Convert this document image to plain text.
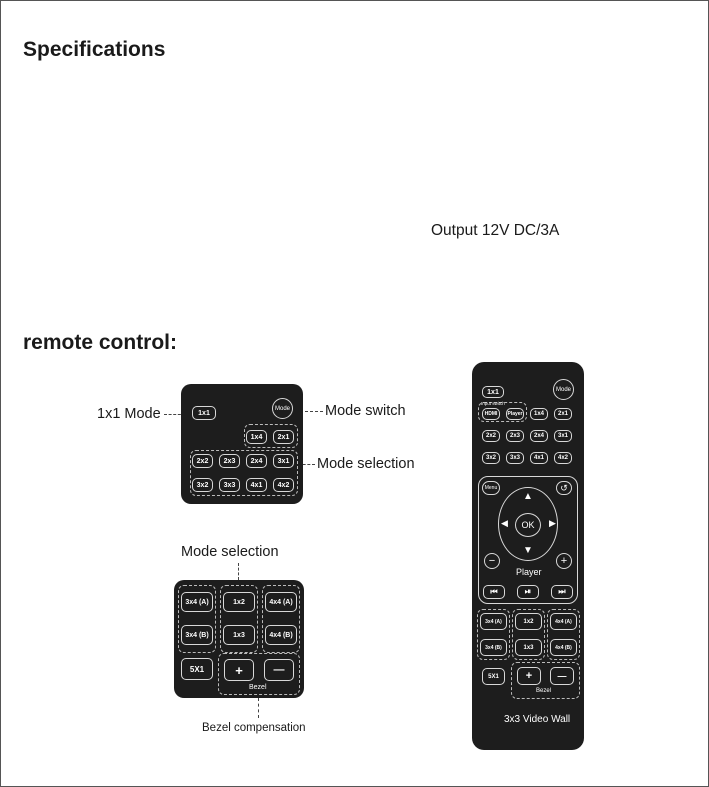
Specifications
Output 12V DC/3A
remote control:
1x1 Mode	Mode switch
Mode selection
1x1
Mode
1x4	2x1
2x2	2x3	2x4	3x1
3x2	3x3	4x1	4x2
Mode selection
3x4 (A)
3x4 (B)
1x2
1x3
4x4 (A)
4x4 (B)
5X1	+	—
Bezel
Bezel compensation
1x1	Mode
Input switch
HDMI	Player	1x4	2x1
2x2	2x3	2x4	3x1
3x2	3x3	4x1	4x2
Menu	↺
▲
▼
◀	▶
OK
−	+
Player
⏮	⏯	⏭
3x4 (A)
3x4 (B)
1x2
1x3
4x4 (A)
4x4 (B)
5X1	+	—
Bezel
3x3 Video Wall
